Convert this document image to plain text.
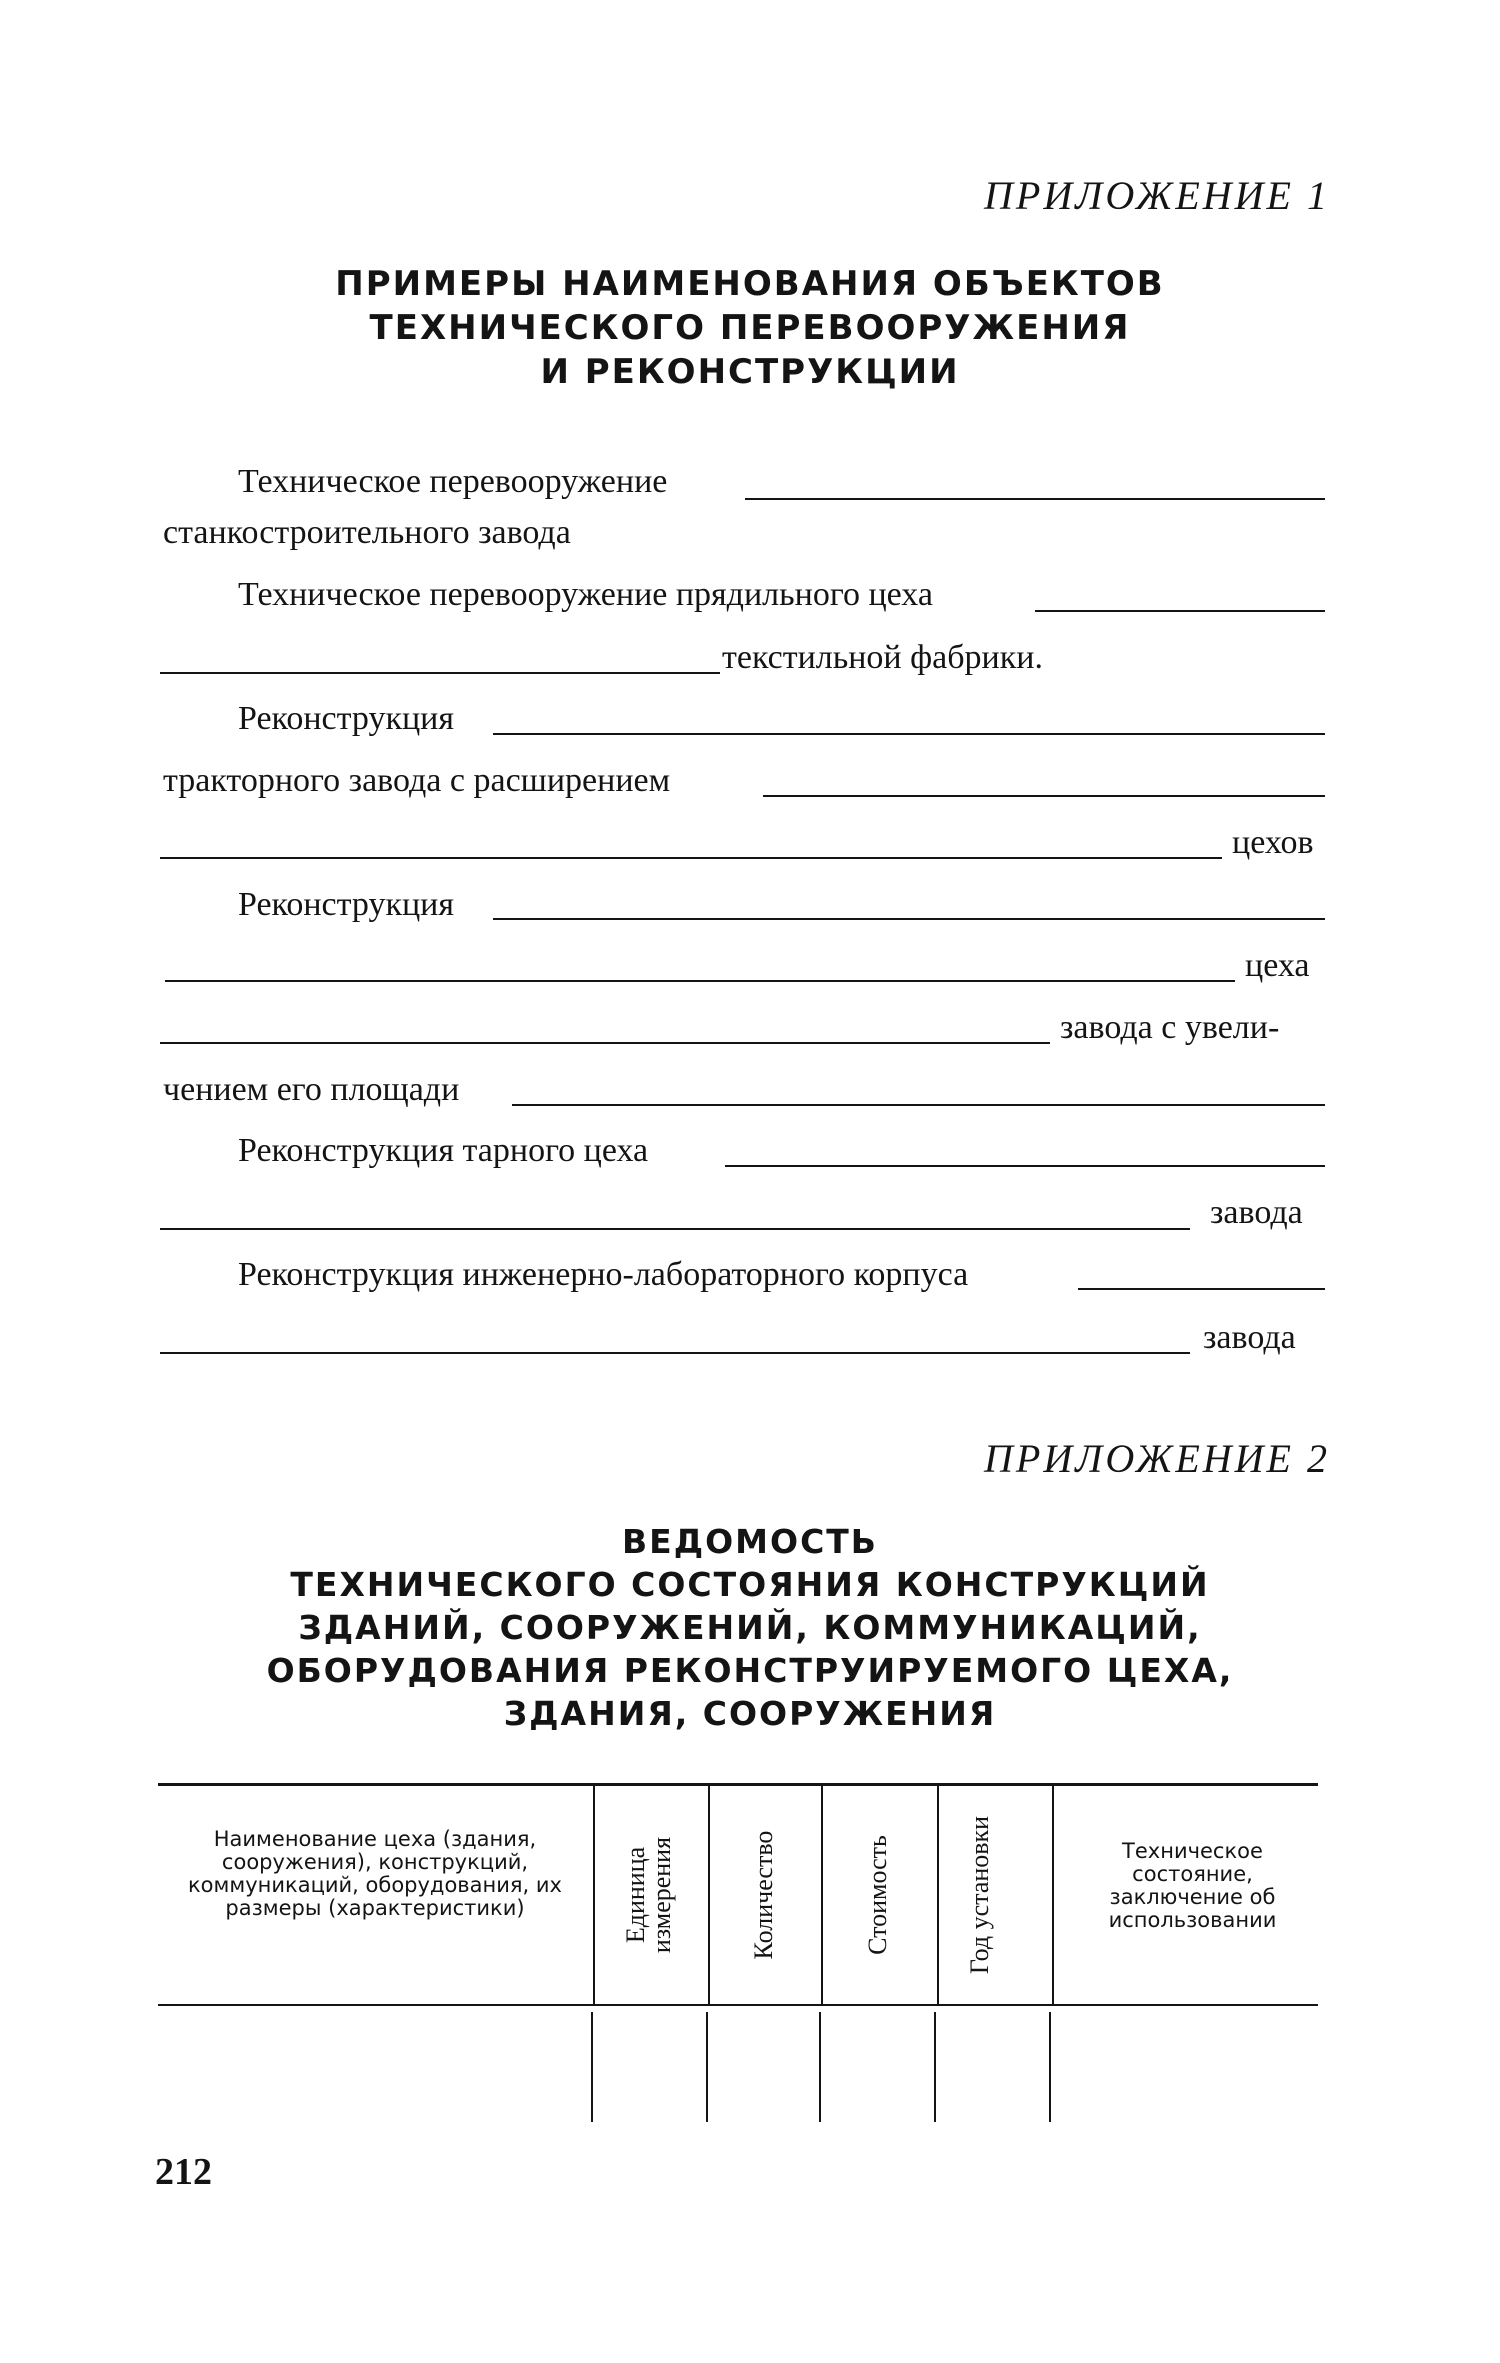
ПРИЛОЖЕНИЕ 1
ПРИМЕРЫ НАИМЕНОВАНИЯ ОБЪЕКТОВ
ТЕХНИЧЕСКОГО ПЕРЕВООРУЖЕНИЯ
И РЕКОНСТРУКЦИИ
Техническое перевооружение
станкостроительного завода
Техническое перевооружение прядильного цеха
текстильной фабрики.
Реконструкция
тракторного завода с расширением
цехов
Реконструкция
цеха
завода с увели-
чением его площади
Реконструкция тарного цеха
завода
Реконструкция инженерно-лабораторного корпуса
завода
ПРИЛОЖЕНИЕ 2
ВЕДОМОСТЬ
ТЕХНИЧЕСКОГО СОСТОЯНИЯ КОНСТРУКЦИЙ
ЗДАНИЙ, СООРУЖЕНИЙ, КОММУНИКАЦИЙ,
ОБОРУДОВАНИЯ РЕКОНСТРУИРУЕМОГО ЦЕХА,
ЗДАНИЯ, СООРУЖЕНИЯ
Наименование цеха (здания, сооружения), конструкций, коммуникаций, оборудования, их размеры (характеристики)	Единица измерения	Количество	Стоимость	Год установки	Техническое состояние, заключение об использовании
212
